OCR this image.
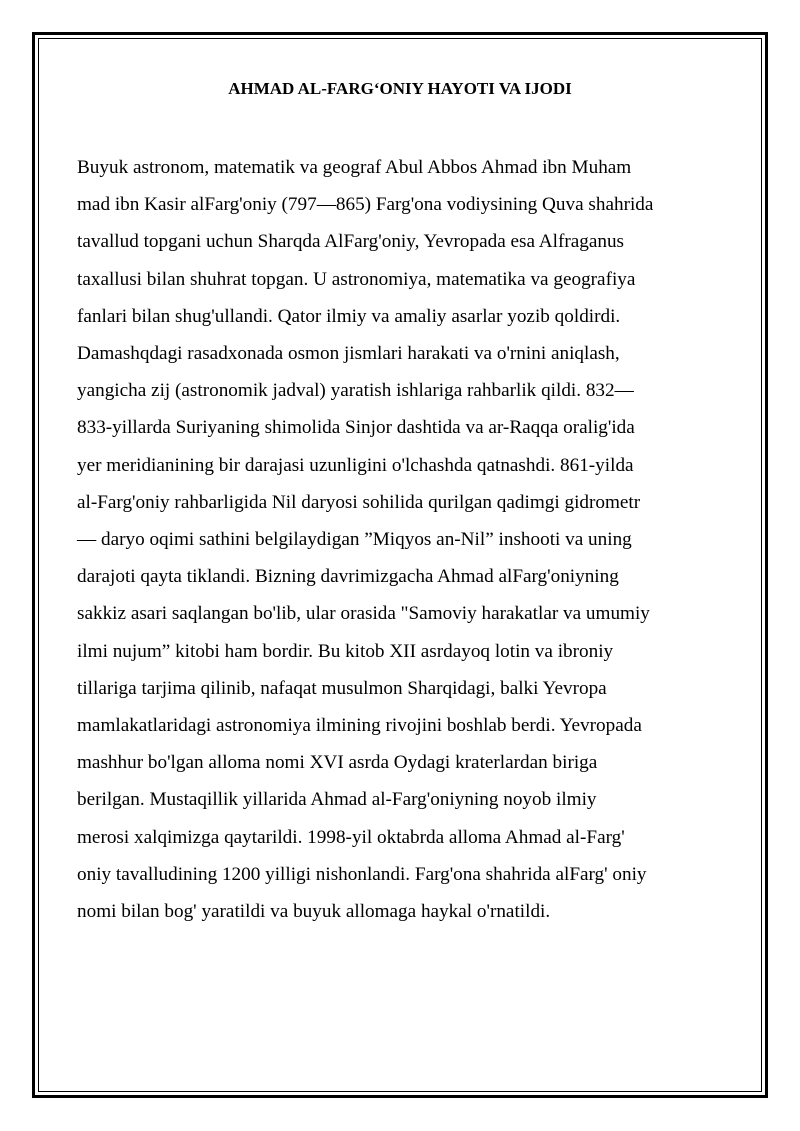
AHMAD AL-FARG‘ONIY HAYOTI VA IJODI
Buyuk astronom, matematik va geograf Abul Abbos Ahmad ibn Muham
mad ibn Kasir alFarg'oniy (797—865) Farg'ona vodiysining Quva shahrida
tavallud topgani uchun Sharqda AlFarg'oniy, Yevropada esa Alfraganus
taxallusi bilan shuhrat topgan. U astronomiya, matematika va geografiya
fanlari bilan shug'ullandi. Qator ilmiy va amaliy asarlar yozib qoldirdi.
Damashqdagi rasadxonada osmon jismlari harakati va o'rnini aniqlash,
yangicha zij (astronomik jadval) yaratish ishlariga rahbarlik qildi. 832—
833-yillarda Suriyaning shimolida Sinjor dashtida va ar-Raqqa oralig'ida
yer meridianining bir darajasi uzunligini o'lchashda qatnashdi. 861-yilda
al-Farg'oniy rahbarligida Nil daryosi sohilida qurilgan qadimgi gidrometr
— daryo oqimi sathini belgilaydigan ”Miqyos an-Nil” inshooti va uning
darajoti qayta tiklandi. Bizning davrimizgacha Ahmad alFarg'oniyning
sakkiz asari saqlangan bo'lib, ular orasida "Samoviy harakatlar va umumiy
ilmi nujum” kitobi ham bordir. Bu kitob XII asrdayoq lotin va ibroniy
tillariga tarjima qilinib, nafaqat musulmon Sharqidagi, balki Yevropa
mamlakatlaridagi astronomiya ilmining rivojini boshlab berdi. Yevropada
mashhur bo'lgan alloma nomi XVI asrda Oydagi kraterlardan biriga
berilgan. Mustaqillik yillarida Ahmad al-Farg'oniyning noyob ilmiy
merosi xalqimizga qaytarildi. 1998-yil oktabrda alloma Ahmad al-Farg'
oniy tavalludining 1200 yilligi nishonlandi. Farg'ona shahrida alFarg' oniy
nomi bilan bog' yaratildi va buyuk allomaga haykal o'rnatildi.
